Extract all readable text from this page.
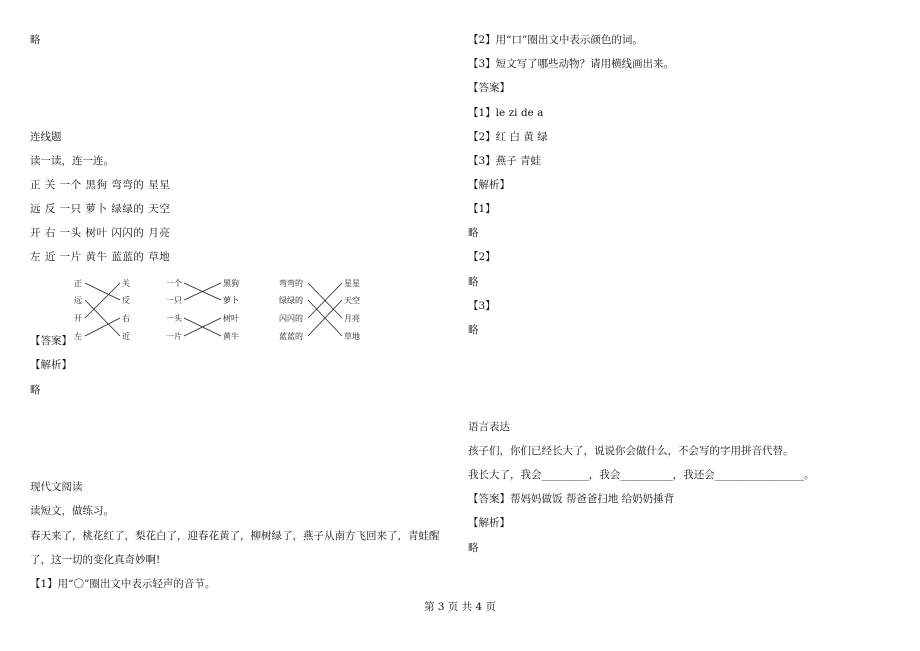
略
连线题
读一读，连一连。
正 关 一个 黑狗 弯弯的 星星
远 反 一只 萝卜 绿绿的 天空
开 右 一头 树叶 闪闪的 月亮
左 近 一片 黄牛 蓝蓝的 草地
正
远
开
左
关
反
右
近
一个
一只
一头
一片
黑狗
萝卜
树叶
黄牛
弯弯的
绿绿的
闪闪的
蓝蓝的
星星
天空
月亮
草地
【答案】
【解析】
略
现代文阅读
读短文，做练习。
春天来了，桃花红了，梨花白了，迎春花黄了，柳树绿了，燕子从南方飞回来了，青蛙醒
了，这一切的变化真奇妙啊!
【1】用“〇”圈出文中表示轻声的音节。
【2】用“口”圈出文中表示颜色的词。
【3】短文写了哪些动物？请用横线画出来。
【答案】
【1】le zi de a
【2】红 白 黄 绿
【3】燕子 青蛙
【解析】
【1】
略
【2】
略
【3】
略
语言表达
孩子们，你们已经长大了，说说你会做什么，不会写的字用拼音代替。
我长大了，我会_________，我会__________，我还会_________________。
【答案】帮妈妈做饭 帮爸爸扫地 给奶奶捶背
【解析】
略
第 3 页 共 4 页
